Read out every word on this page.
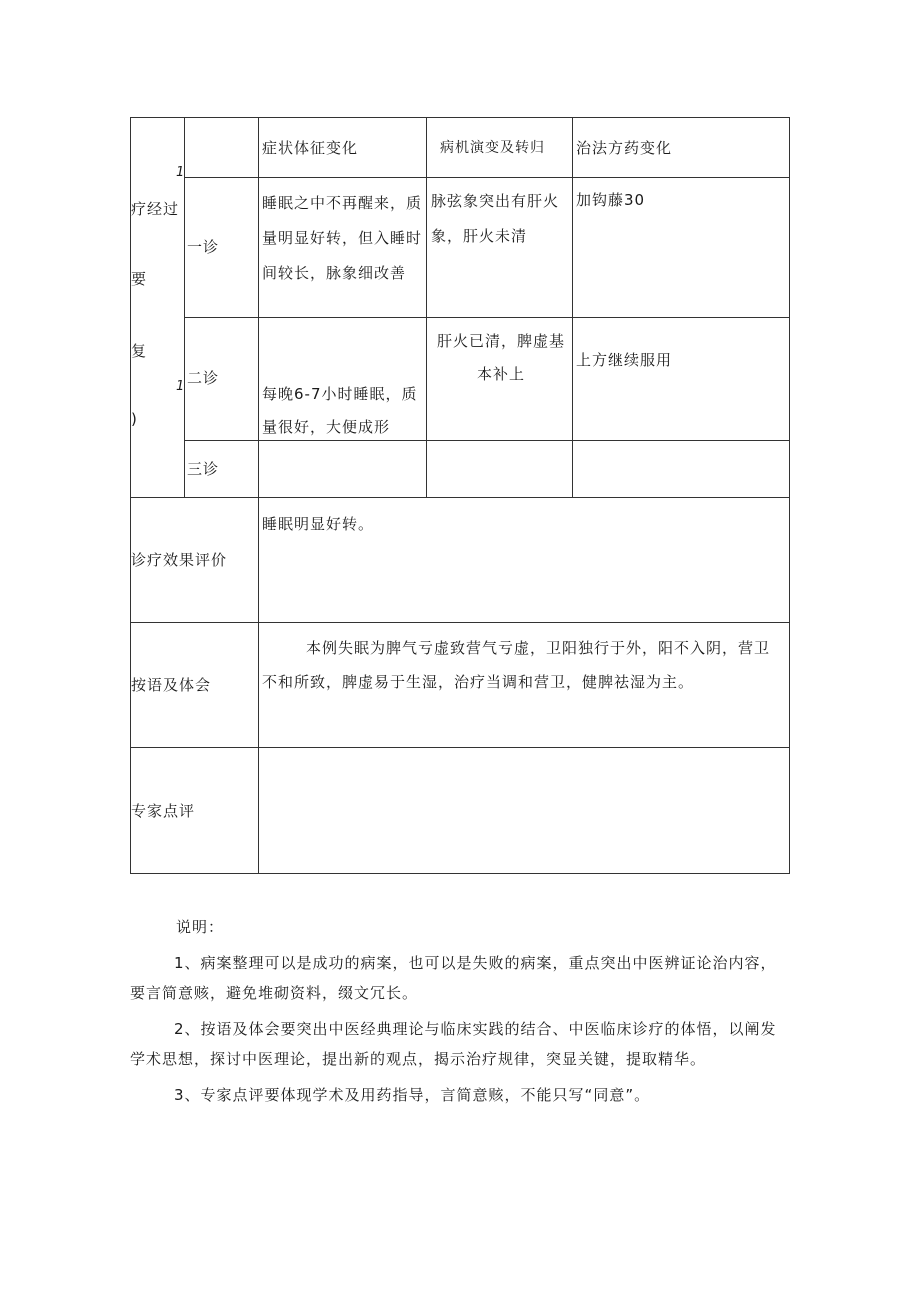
1
疗经过
要
复
1
)
症状体征变化	病机演变及转归 治法方药变化
一诊
睡眠之中不再醒来，质量明显好转，但入睡时间较长，脉象细改善
脉弦象突出有肝火象，肝火未清
加钩藤30
二诊
每晚6-7小时睡眠，质量很好，大便成形
肝火已清，脾虚基本补上
上方继续服用
三诊
诊疗效果评价
睡眠明显好转。
按语及体会
本例失眠为脾气亏虚致营气亏虚，卫阳独行于外，阳不入阴，营卫不和所致，脾虚易于生湿，治疗当调和营卫，健脾祛湿为主。
专家点评

说明：

1、病案整理可以是成功的病案，也可以是失败的病案，重点突出中医辨证论治内容，要言简意赅，避免堆砌资料，缀文冗长。

2、按语及体会要突出中医经典理论与临床实践的结合、中医临床诊疗的体悟，以阐发学术思想，探讨中医理论，提出新的观点，揭示治疗规律，突显关键，提取精华。

3、专家点评要体现学术及用药指导，言简意赅，不能只写“同意”。
